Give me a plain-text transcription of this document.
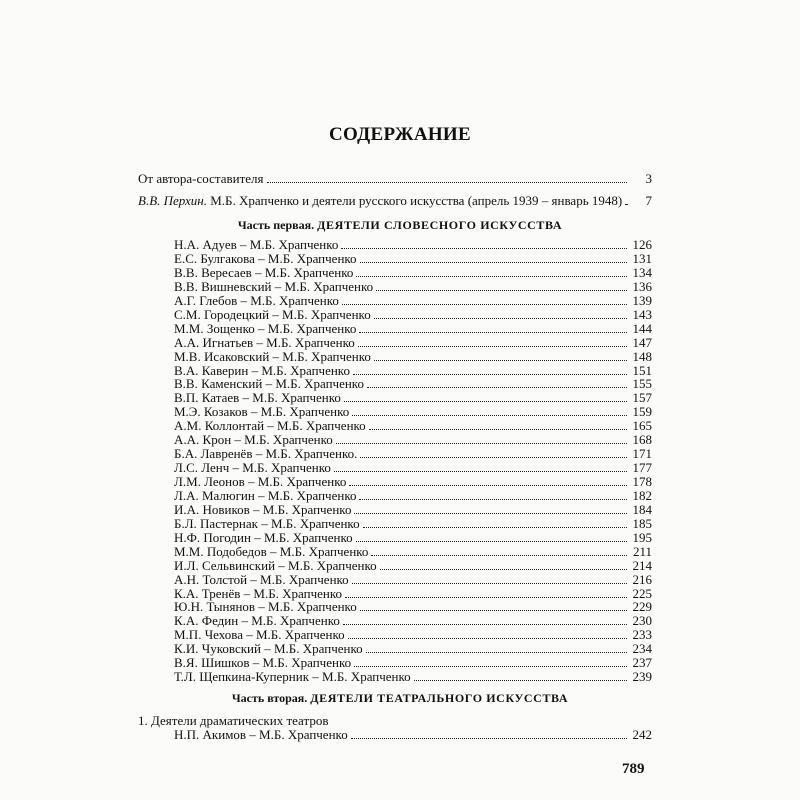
СОДЕРЖАНИЕ
От автора-составителя	3
В.В. Перхин. М.Б. Храпченко и деятели русского искусства (апрель 1939 – январь 1948)	7
Часть первая. ДЕЯТЕЛИ СЛОВЕСНОГО ИСКУССТВА
Н.А. Адуев – М.Б. Храпченко	126
Е.С. Булгакова – М.Б. Храпченко	131
В.В. Вересаев – М.Б. Храпченко	134
В.В. Вишневский – М.Б. Храпченко	136
А.Г. Глебов – М.Б. Храпченко	139
С.М. Городецкий – М.Б. Храпченко	143
М.М. Зощенко – М.Б. Храпченко	144
А.А. Игнатьев – М.Б. Храпченко	147
М.В. Исаковский – М.Б. Храпченко	148
В.А. Каверин – М.Б. Храпченко	151
В.В. Каменский – М.Б. Храпченко	155
В.П. Катаев – М.Б. Храпченко	157
М.Э. Козаков – М.Б. Храпченко	159
А.М. Коллонтай – М.Б. Храпченко	165
А.А. Крон – М.Б. Храпченко	168
Б.А. Лавренёв – М.Б. Храпченко.	171
Л.С. Ленч – М.Б. Храпченко	177
Л.М. Леонов – М.Б. Храпченко	178
Л.А. Малюгин – М.Б. Храпченко	182
И.А. Новиков – М.Б. Храпченко	184
Б.Л. Пастернак – М.Б. Храпченко	185
Н.Ф. Погодин – М.Б. Храпченко	195
М.М. Подобедов – М.Б. Храпченко	211
И.Л. Сельвинский – М.Б. Храпченко	214
А.Н. Толстой – М.Б. Храпченко	216
К.А. Тренёв – М.Б. Храпченко	225
Ю.Н. Тынянов – М.Б. Храпченко	229
К.А. Федин – М.Б. Храпченко	230
М.П. Чехова – М.Б. Храпченко	233
К.И. Чуковский – М.Б. Храпченко	234
В.Я. Шишков – М.Б. Храпченко	237
Т.Л. Щепкина-Куперник – М.Б. Храпченко	239
Часть вторая. ДЕЯТЕЛИ ТЕАТРАЛЬНОГО ИСКУССТВА
1. Деятели драматических театров
Н.П. Акимов – М.Б. Храпченко	242
789
